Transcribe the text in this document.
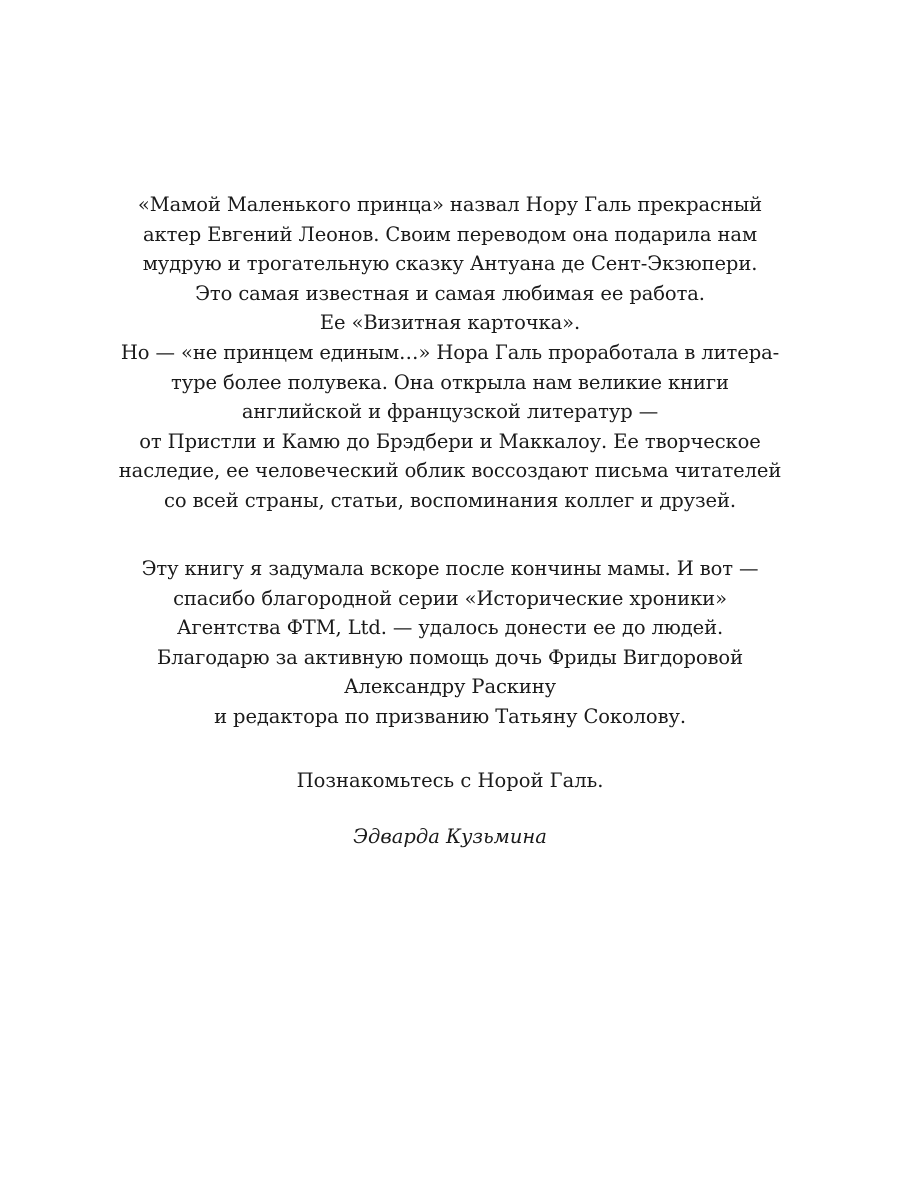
«Мамой Маленького принца» назвал Нору Галь прекрасный
актер Евгений Леонов. Своим переводом она подарила нам
мудрую и трогательную сказку Антуана де Сент-Экзюпери.
Это самая известная и самая любимая ее работа.
Ее «Визитная карточка».
Но — «не принцем единым…» Нора Галь проработала в литера-
туре более полувека. Она открыла нам великие книги
английской и французской литератур —
от Пристли и Камю до Брэдбери и Маккалоу. Ее творческое
наследие, ее человеческий облик воссоздают письма читателей
со всей страны, статьи, воспоминания коллег и друзей.
Эту книгу я задумала вскоре после кончины мамы. И вот —
спасибо благородной серии «Исторические хроники»
Агентства ФТМ, Ltd. — удалось донести ее до людей.
Благодарю за активную помощь дочь Фриды Вигдоровой
Александру Раскину
и редактора по призванию Татьяну Соколову.
Познакомьтесь с Норой Галь.
Эдварда Кузьмина
